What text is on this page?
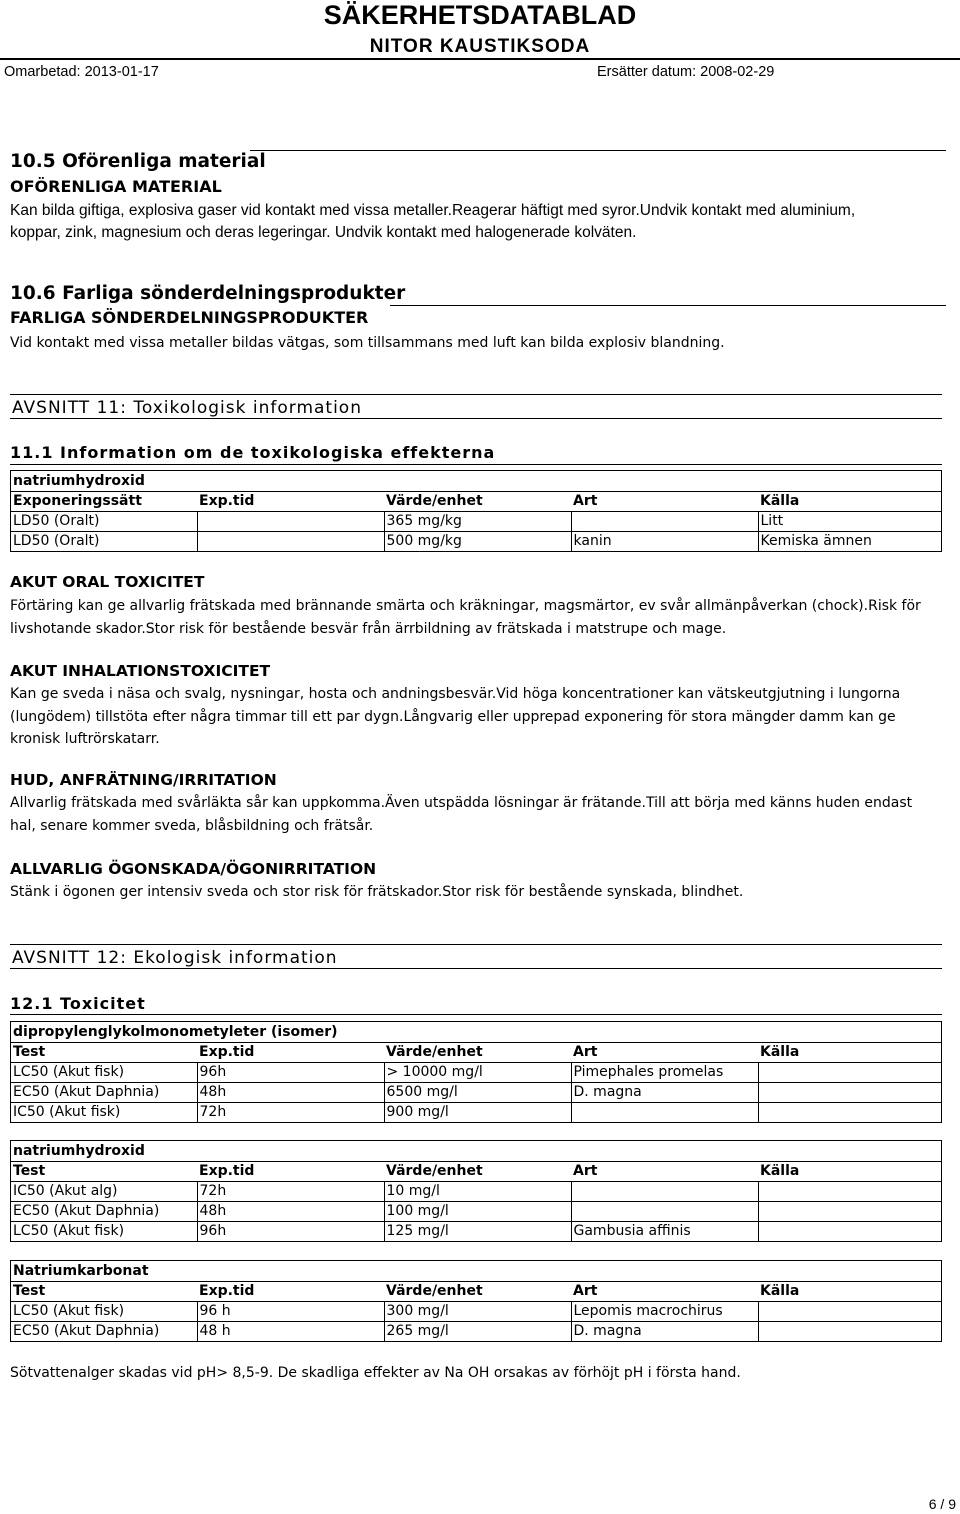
SÄKERHETSDATABLAD
NITOR KAUSTIKSODA
Omarbetad: 2013-01-17	Ersätter datum: 2008-02-29
10.5 Oförenliga material
OFÖRENLIGA MATERIAL
Kan bilda giftiga, explosiva gaser vid kontakt med vissa metaller.Reagerar häftigt med syror.Undvik kontakt med aluminium, koppar, zink, magnesium och deras legeringar. Undvik kontakt med halogenerade kolväten.
10.6 Farliga sönderdelningsprodukter
FARLIGA SÖNDERDELNINGSPRODUKTER
Vid kontakt med vissa metaller bildas vätgas, som tillsammans med luft kan bilda explosiv blandning.
AVSNITT 11: Toxikologisk information
11.1 Information om de toxikologiska effekterna
natriumhydroxid
Exponeringssätt	Exp.tid	Värde/enhet	Art	Källa
LD50 (Oralt)		365 mg/kg		Litt
LD50 (Oralt)		500 mg/kg	kanin	Kemiska ämnen
AKUT ORAL TOXICITET
Förtäring kan ge allvarlig frätskada med brännande smärta och kräkningar, magsmärtor, ev svår allmänpåverkan (chock).Risk för livshotande skador.Stor risk för bestående besvär från ärrbildning av frätskada i matstrupe och mage.
AKUT INHALATIONSTOXICITET
Kan ge sveda i näsa och svalg, nysningar, hosta och andningsbesvär.Vid höga koncentrationer kan vätskeutgjutning i lungorna (lungödem) tillstöta efter några timmar till ett par dygn.Långvarig eller upprepad exponering för stora mängder damm kan ge kronisk luftrörskatarr.
HUD, ANFRÄTNING/IRRITATION
Allvarlig frätskada med svårläkta sår kan uppkomma.Även utspädda lösningar är frätande.Till att börja med känns huden endast hal, senare kommer sveda, blåsbildning och frätsår.
ALLVARLIG ÖGONSKADA/ÖGONIRRITATION
Stänk i ögonen ger intensiv sveda och stor risk för frätskador.Stor risk för bestående synskada, blindhet.
AVSNITT 12: Ekologisk information
12.1 Toxicitet
dipropylenglykolmonometyleter (isomer)
Test	Exp.tid	Värde/enhet	Art	Källa
LC50 (Akut fisk)	96h	> 10000 mg/l	Pimephales promelas	
EC50 (Akut Daphnia)	48h	6500 mg/l	D. magna	
IC50 (Akut fisk)	72h	900 mg/l		
natriumhydroxid
Test	Exp.tid	Värde/enhet	Art	Källa
IC50 (Akut alg)	72h	10 mg/l		
EC50 (Akut Daphnia)	48h	100 mg/l		
LC50 (Akut fisk)	96h	125 mg/l	Gambusia affinis	
Natriumkarbonat
Test	Exp.tid	Värde/enhet	Art	Källa
LC50 (Akut fisk)	96 h	300 mg/l	Lepomis macrochirus	
EC50 (Akut Daphnia)	48 h	265 mg/l	D. magna	
Sötvattenalger skadas vid pH> 8,5-9. De skadliga effekter av Na OH orsakas av förhöjt pH i första hand.
6 / 9
